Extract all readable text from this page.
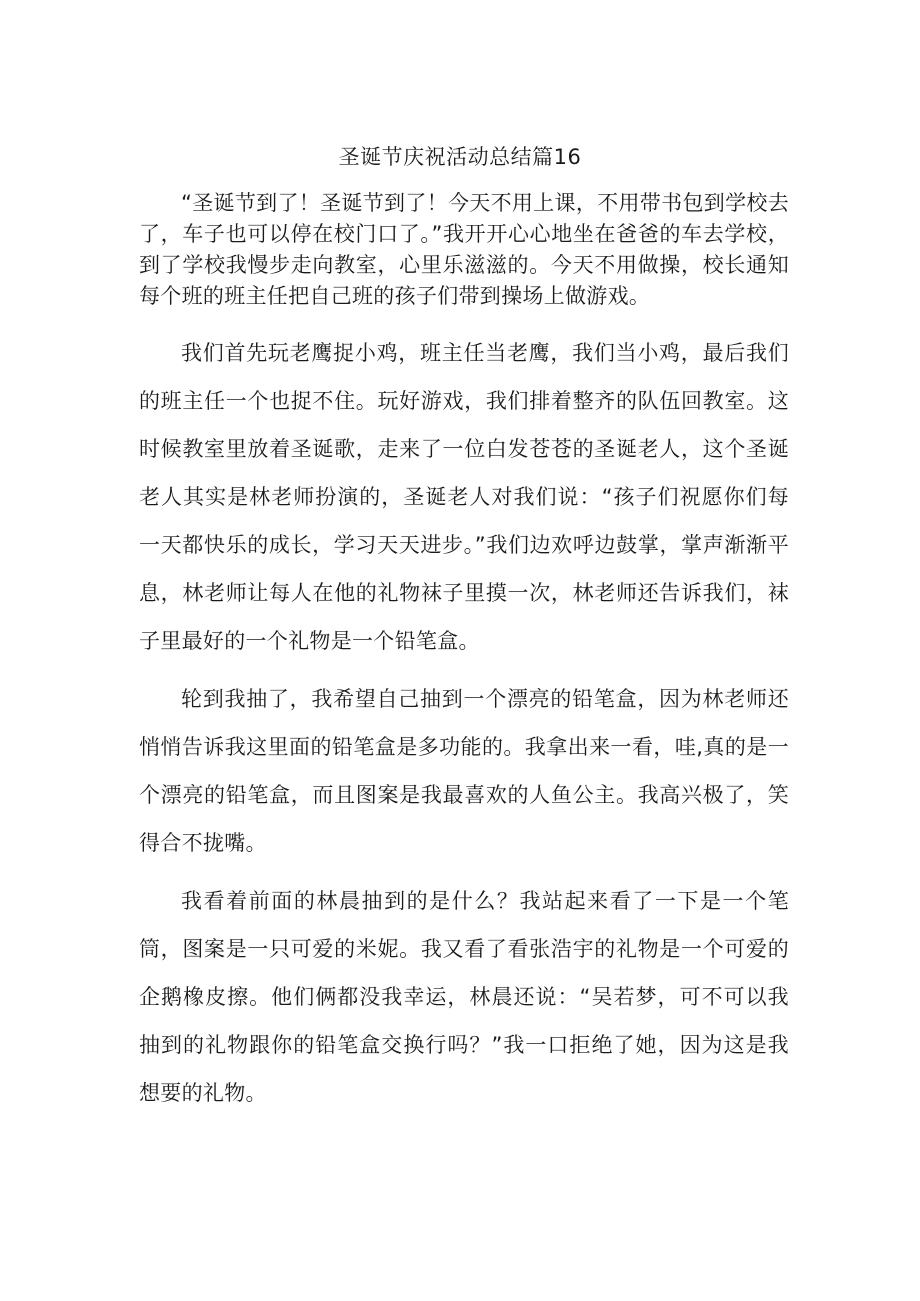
圣诞节庆祝活动总结篇16

“圣诞节到了！圣诞节到了！今天不用上课，不用带书包到学校去了，车子也可以停在校门口了。”我开开心心地坐在爸爸的车去学校，到了学校我慢步走向教室，心里乐滋滋的。今天不用做操，校长通知每个班的班主任把自己班的孩子们带到操场上做游戏。

我们首先玩老鹰捉小鸡，班主任当老鹰，我们当小鸡，最后我们的班主任一个也捉不住。玩好游戏，我们排着整齐的队伍回教室。这时候教室里放着圣诞歌，走来了一位白发苍苍的圣诞老人，这个圣诞老人其实是林老师扮演的，圣诞老人对我们说：“孩子们祝愿你们每一天都快乐的成长，学习天天进步。”我们边欢呼边鼓掌，掌声渐渐平息，林老师让每人在他的礼物袜子里摸一次，林老师还告诉我们，袜子里最好的一个礼物是一个铅笔盒。

轮到我抽了，我希望自己抽到一个漂亮的铅笔盒，因为林老师还悄悄告诉我这里面的铅笔盒是多功能的。我拿出来一看，哇,真的是一个漂亮的铅笔盒，而且图案是我最喜欢的人鱼公主。我高兴极了，笑得合不拢嘴。

我看着前面的林晨抽到的是什么？我站起来看了一下是一个笔筒，图案是一只可爱的米妮。我又看了看张浩宇的礼物是一个可爱的企鹅橡皮擦。他们俩都没我幸运，林晨还说：“吴若梦，可不可以我抽到的礼物跟你的铅笔盒交换行吗？”我一口拒绝了她，因为这是我想要的礼物。
